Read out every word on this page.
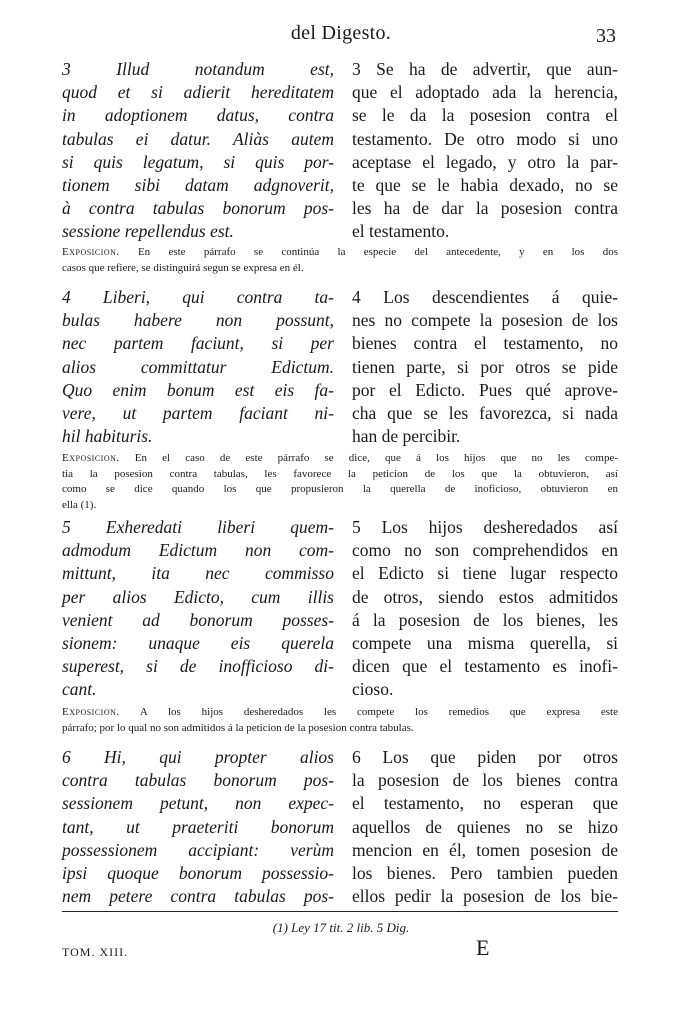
del Digesto.	33
3 Illud notandum est,
quod et si adierit hereditatem
in adoptionem datus, contra
tabulas ei datur. Aliàs autem
si quis legatum, si quis por-
tionem sibi datam adgnoverit,
à contra tabulas bonorum pos-
sessione repellendus est.
3 Se ha de advertir, que aun-
que el adoptado ada la herencia,
se le da la posesion contra el
testamento. De otro modo si uno
aceptase el legado, y otro la par-
te que se le habia dexado, no se
les ha de dar la posesion contra
el testamento.
Exposicion. En este párrafo se continúa la especie del antecedente, y en los dos
casos que refiere, se distinguirá segun se expresa en él.
4 Liberi, qui contra ta-
bulas habere non possunt,
nec partem faciunt, si per
alios committatur Edictum.
Quo enim bonum est eis fa-
vere, ut partem faciant ni-
hil habituris.
4 Los descendientes á quie-
nes no compete la posesion de los
bienes contra el testamento, no
tienen parte, si por otros se pide
por el Edicto. Pues qué aprove-
cha que se les favorezca, si nada
han de percibir.
Exposicion. En el caso de este párrafo se dice, que á los hijos que no les compe-
tia la posesion contra tabulas, les favorece la peticion de los que la obtuvieron, así
como se dice quando los que propusieron la querella de inoficioso, obtuvieron en
ella (1).
5 Exheredati liberi quem-
admodum Edictum non com-
mittunt, ita nec commisso
per alios Edicto, cum illis
venient ad bonorum posses-
sionem: unaque eis querela
superest, si de inofficioso di-
cant.
5 Los hijos desheredados así
como no son comprehendidos en
el Edicto si tiene lugar respecto
de otros, siendo estos admitidos
á la posesion de los bienes, les
compete una misma querella, si
dicen que el testamento es inofi-
cioso.
Exposicion. A los hijos desheredados les compete los remedios que expresa este
párrafo; por lo qual no son admitidos á la peticion de la posesion contra tabulas.
6 Hi, qui propter alios
contra tabulas bonorum pos-
sessionem petunt, non expec-
tant, ut praeteriti bonorum
possessionem accipiant: verùm
ipsi quoque bonorum possessio-
nem petere contra tabulas pos-
6 Los que piden por otros
la posesion de los bienes contra
el testamento, no esperan que
aquellos de quienes no se hizo
mencion en él, tomen posesion de
los bienes. Pero tambien pueden
ellos pedir la posesion de los bie-
(1) Ley 17 tit. 2 lib. 5 Dig.
TOM. XIII.	E
